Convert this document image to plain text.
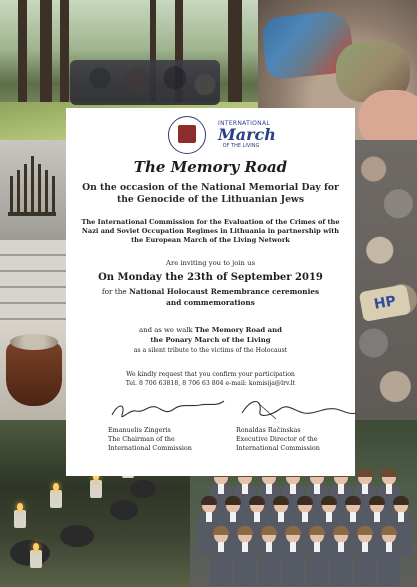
HP
INTERNATIONAL
March
OF THE LIVING
The Memory Road
On the occasion of the National Memorial Day for the Genocide of the Lithuanian Jews
The International Commission for the Evaluation of the Crimes of the Nazi and Soviet Occupation Regimes in Lithuania in partnership with the European March of the Living Network
Are inviting you to join us
On Monday the 23th of September 2019
for the National Holocaust Remembrance ceremonies
and commemorations
and as we walk The Memory Road and
the Ponary March of the Living
as a silent tribute to the victims of the Holocaust
We kindly request that you confirm your participation
Tel. 8 706 63818, 8 706 63 804 e-mail: komisija@lrv.lt
Emanuelis Zingeris
The Chairman of the
International Commission
Ronaldas Račinskas
Executive Director of the
International Commission
